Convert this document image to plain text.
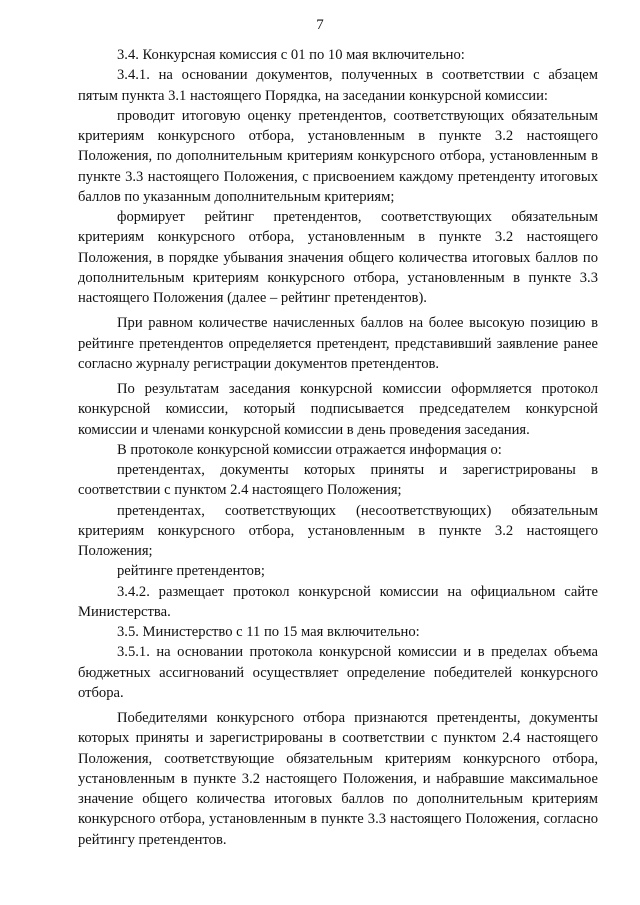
7

3.4. Конкурсная комиссия с 01 по 10 мая включительно:

3.4.1. на основании документов, полученных в соответствии с абзацем пятым пункта 3.1 настоящего Порядка, на заседании конкурсной комиссии:

проводит итоговую оценку претендентов, соответствующих обязательным критериям конкурсного отбора, установленным в пункте 3.2 настоящего Положения, по дополнительным критериям конкурсного отбора, установленным в пункте 3.3 настоящего Положения, с присвоением каждому претенденту итоговых баллов по указанным дополнительным критериям;

формирует рейтинг претендентов, соответствующих обязательным критериям конкурсного отбора, установленным в пункте 3.2 настоящего Положения, в порядке убывания значения общего количества итоговых баллов по дополнительным критериям конкурсного отбора, установленным в пункте 3.3 настоящего Положения (далее – рейтинг претендентов).

При равном количестве начисленных баллов на более высокую позицию в рейтинге претендентов определяется претендент, представивший заявление ранее согласно журналу регистрации документов претендентов.

По результатам заседания конкурсной комиссии оформляется протокол конкурсной комиссии, который подписывается председателем конкурсной комиссии и членами конкурсной комиссии в день проведения заседания.

В протоколе конкурсной комиссии отражается информация о:

претендентах, документы которых приняты и зарегистрированы в соответствии с пунктом 2.4 настоящего Положения;

претендентах, соответствующих (несоответствующих) обязательным критериям конкурсного отбора, установленным в пункте 3.2 настоящего Положения;

рейтинге претендентов;

3.4.2. размещает протокол конкурсной комиссии на официальном сайте Министерства.

3.5. Министерство с 11 по 15 мая включительно:

3.5.1. на основании протокола конкурсной комиссии и в пределах объема бюджетных ассигнований осуществляет определение победителей конкурсного отбора.

Победителями конкурсного отбора признаются претенденты, документы которых приняты и зарегистрированы в соответствии с пунктом 2.4 настоящего Положения, соответствующие обязательным критериям конкурсного отбора, установленным в пункте 3.2 настоящего Положения, и набравшие максимальное значение общего количества итоговых баллов по дополнительным критериям конкурсного отбора, установленным в пункте 3.3 настоящего Положения, согласно рейтингу претендентов.
